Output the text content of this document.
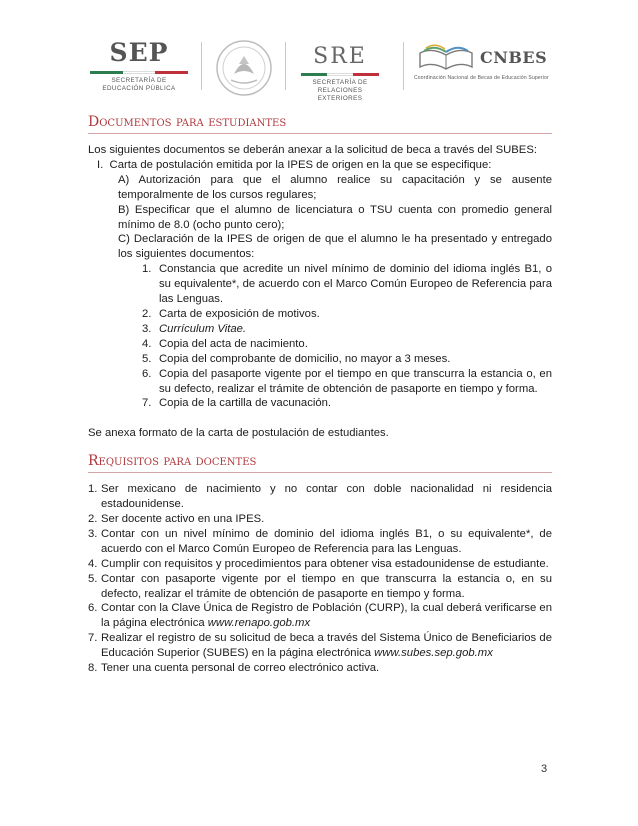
SEP
SECRETARÍA DE
EDUCACIÓN PÚBLICA
SRE
SECRETARÍA DE
RELACIONES EXTERIORES
CNBES
Coordinación Nacional de Becas de Educación Superior
Documentos para estudiantes

Los siguientes documentos se deberán anexar a la solicitud de beca a través del SUBES:

I.  Carta de postulación emitida por la IPES de origen en la que se especifique:

A) Autorización para que el alumno realice su capacitación y se ausente temporalmente de los cursos regulares;

B) Especificar que el alumno de licenciatura o TSU cuenta con promedio general mínimo de 8.0 (ocho punto cero);

C) Declaración de la IPES de origen de que el alumno le ha presentado y entregado los siguientes documentos:

1. Constancia que acredite un nivel mínimo de dominio del idioma inglés B1, o su equivalente*, de acuerdo con el Marco Común Europeo de Referencia para las Lenguas.
2. Carta de exposición de motivos.
3. Currículum Vitae.
4. Copia del acta de nacimiento.
5. Copia del comprobante de domicilio, no mayor a 3 meses.
6. Copia del pasaporte vigente por el tiempo en que transcurra la estancia o, en su defecto, realizar el trámite de obtención de pasaporte en tiempo y forma.
7. Copia de la cartilla de vacunación.

Se anexa formato de la carta de postulación de estudiantes.

Requisitos para docentes
1. Ser mexicano de nacimiento y no contar con doble nacionalidad ni residencia estadounidense.
2. Ser docente activo en una IPES.
3. Contar con un nivel mínimo de dominio del idioma inglés B1, o su equivalente*, de acuerdo con el Marco Común Europeo de Referencia para las Lenguas.
4. Cumplir con requisitos y procedimientos para obtener visa estadounidense de estudiante.
5. Contar con pasaporte vigente por el tiempo en que transcurra la estancia o, en su defecto, realizar el trámite de obtención de pasaporte en tiempo y forma.
6. Contar con la Clave Única de Registro de Población (CURP), la cual deberá verificarse en la página electrónica www.renapo.gob.mx
7. Realizar el registro de su solicitud de beca a través del Sistema Único de Beneficiarios de Educación Superior (SUBES) en la página electrónica www.subes.sep.gob.mx
8. Tener una cuenta personal de correo electrónico activa.
3
